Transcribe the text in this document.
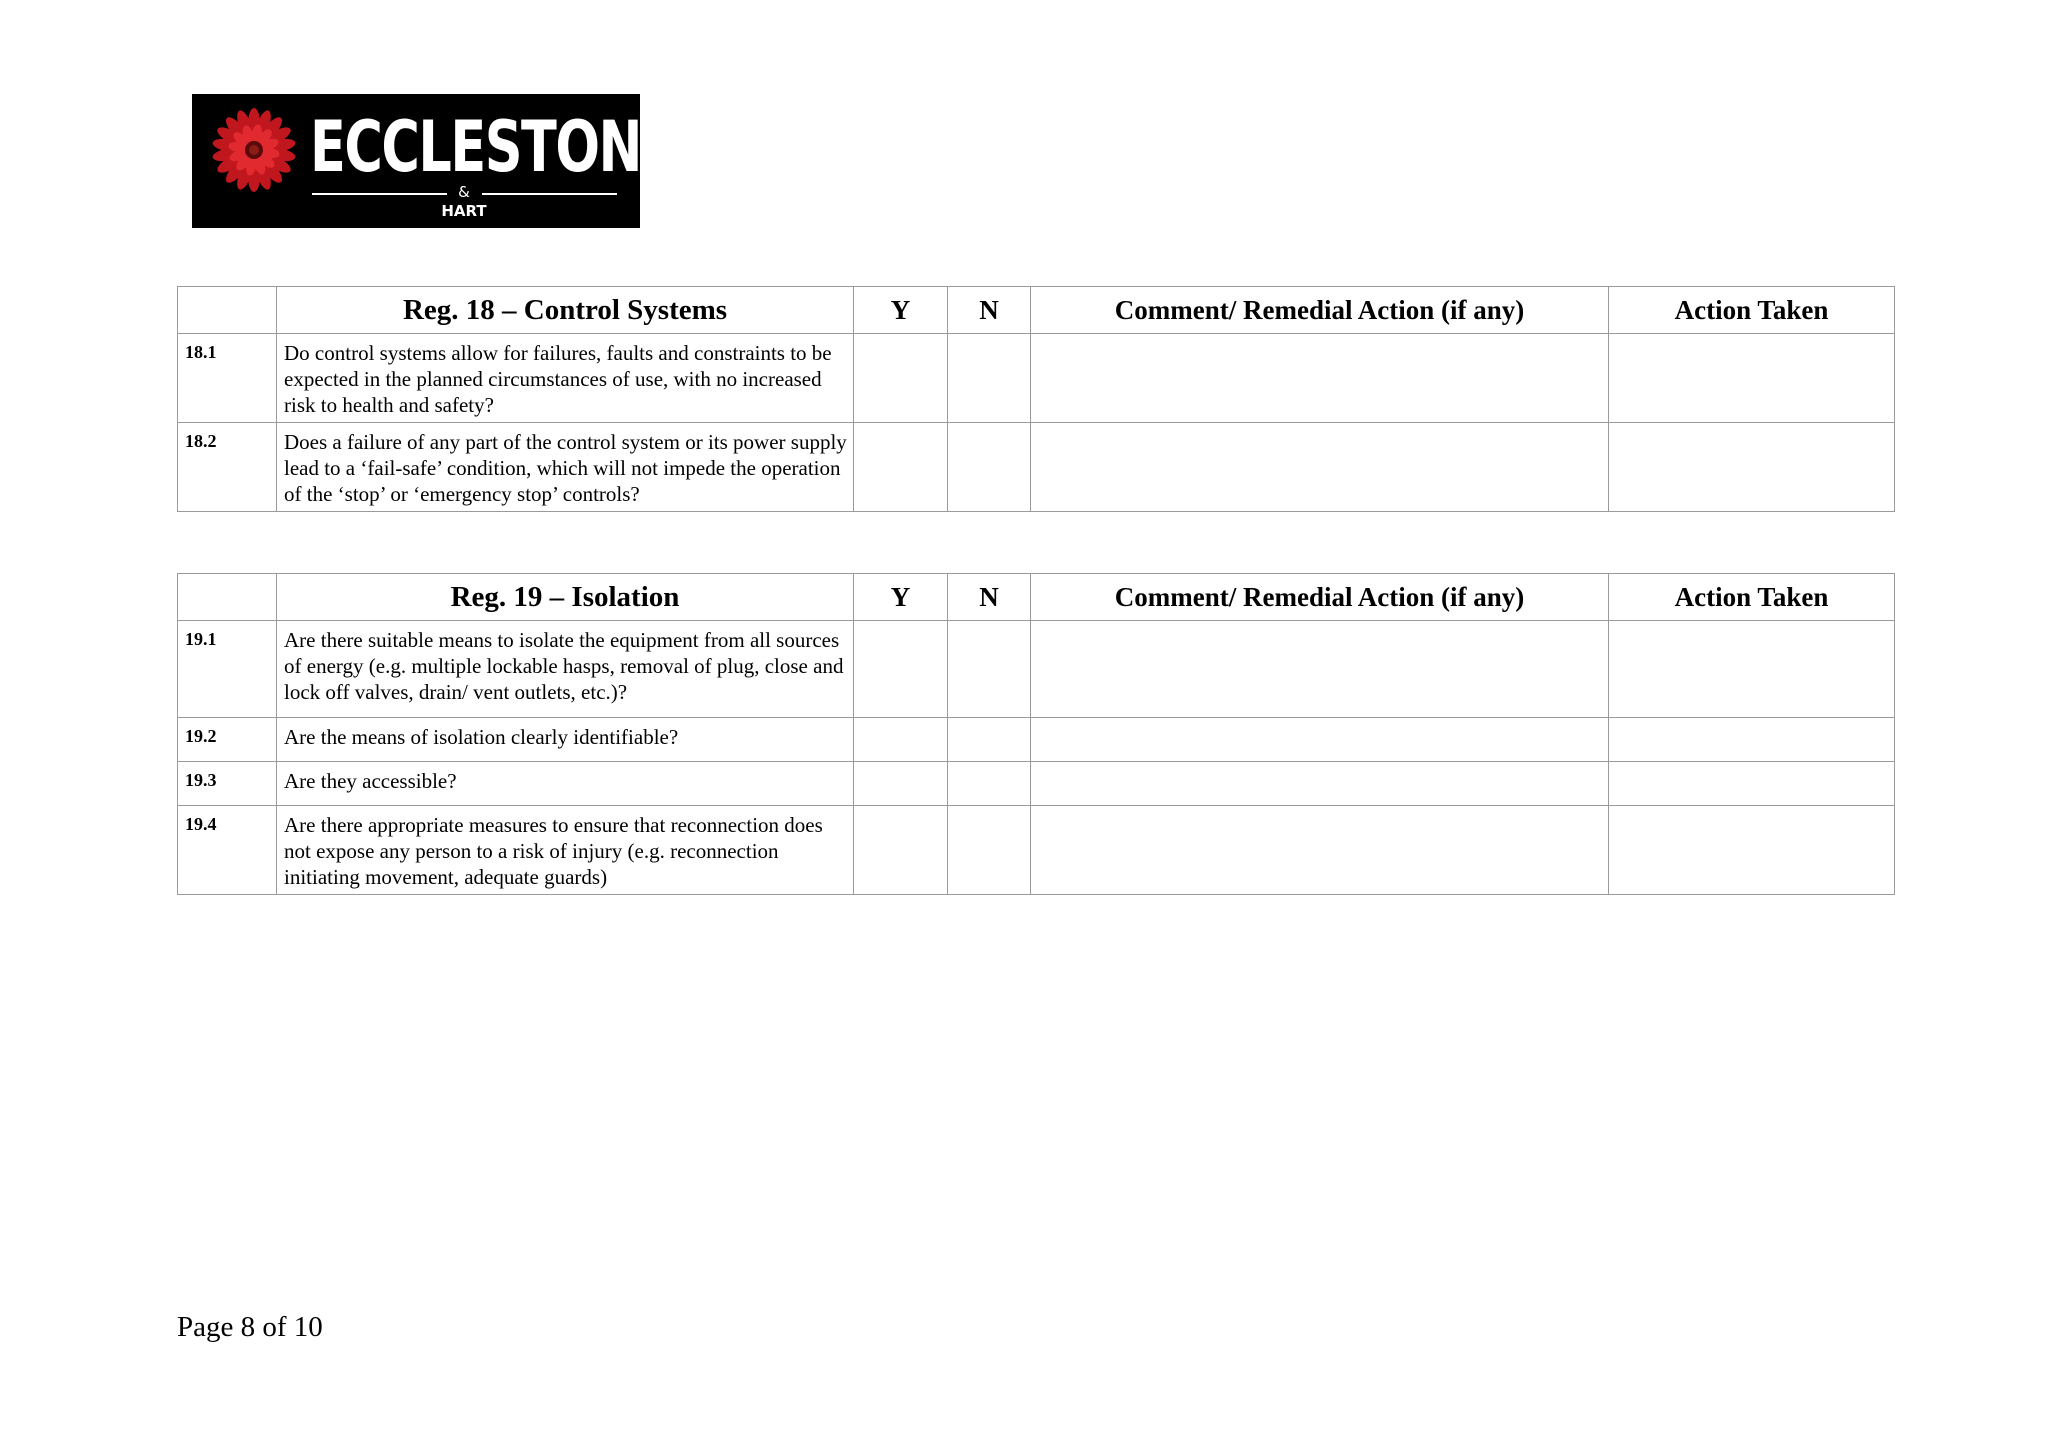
ECCLESTON
&
HART
	Reg. 18 – Control Systems	Y	N	Comment/ Remedial Action (if any)	Action Taken
18.1	Do control systems allow for failures, faults and constraints to be expected in the planned circumstances of use, with no increased risk to health and safety?				
18.2	Does a failure of any part of the control system or its power supply lead to a ‘fail-safe’ condition, which will not impede the operation of the ‘stop’ or ‘emergency stop’ controls?				
	Reg. 19 – Isolation	Y	N	Comment/ Remedial Action (if any)	Action Taken
19.1	Are there suitable means to isolate the equipment from all sources of energy (e.g. multiple lockable hasps, removal of plug, close and lock off valves, drain/ vent outlets, etc.)?				
19.2	Are the means of isolation clearly identifiable?				
19.3	Are they accessible?				
19.4	Are there appropriate measures to ensure that reconnection does not expose any person to a risk of injury (e.g. reconnection initiating movement, adequate guards)				
Page 8 of 10
